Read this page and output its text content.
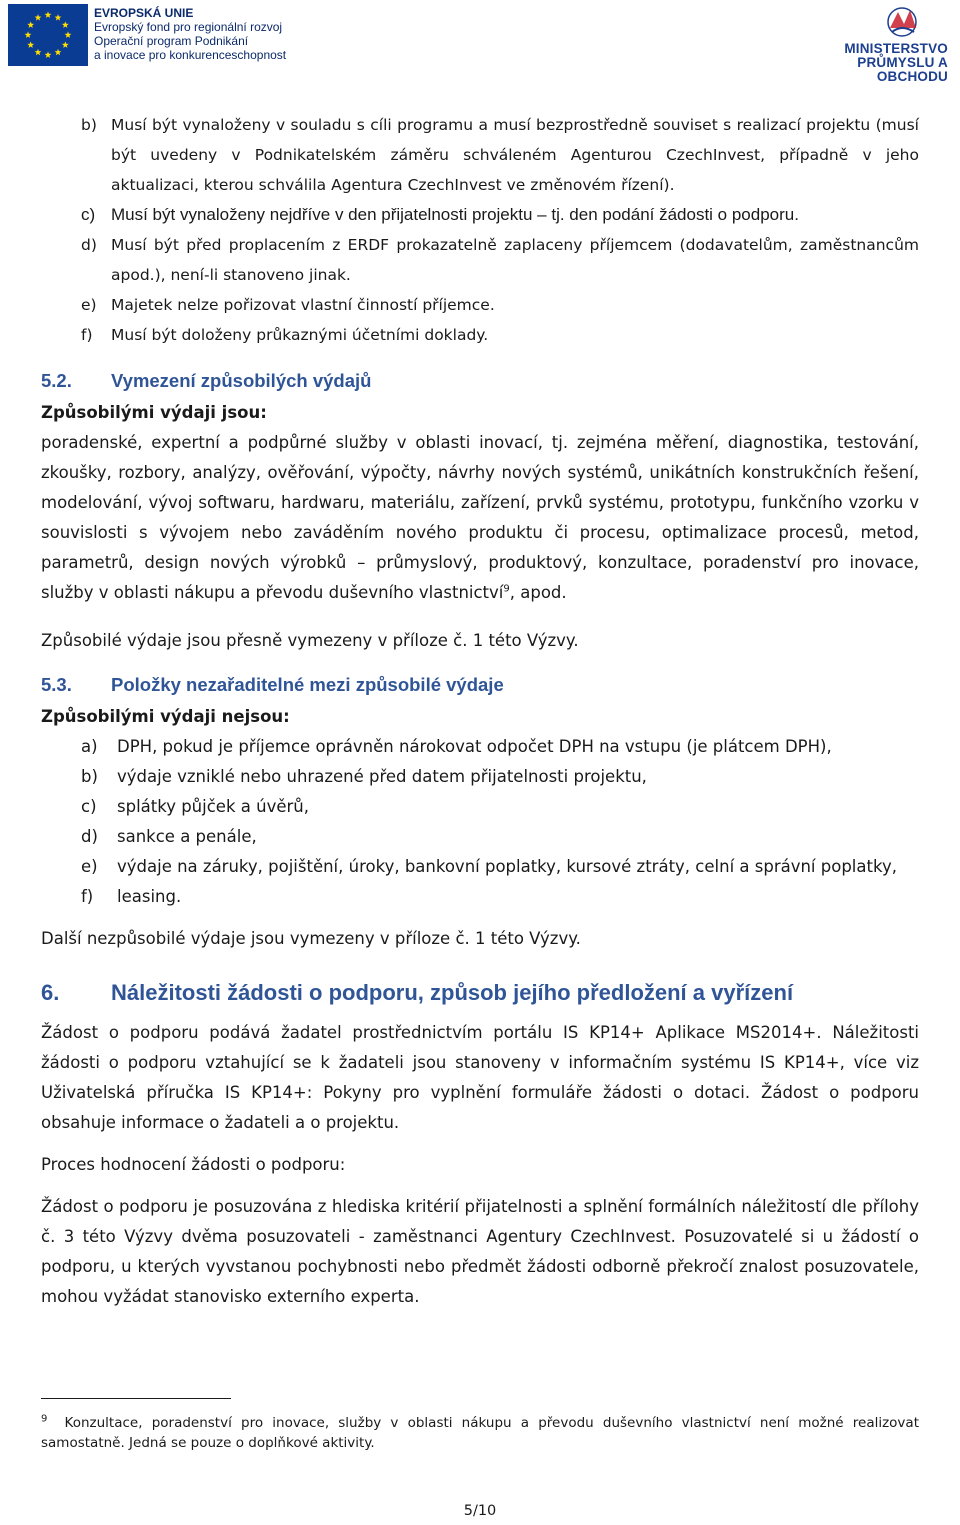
EVROPSKÁ UNIE
Evropský fond pro regionální rozvoj
Operační program Podnikání
a inovace pro konkurenceschopnost	MINISTERSTVO
PRŮMYSLU A OBCHODU
b) Musí být vynaloženy v souladu s cíli programu a musí bezprostředně souviset s realizací projektu (musí být uvedeny v Podnikatelském záměru schváleném Agenturou CzechInvest, případně v jeho aktualizaci, kterou schválila Agentura CzechInvest ve změnovém řízení).
c) Musí být vynaloženy nejdříve v den přijatelnosti projektu – tj. den podání žádosti o podporu.
d) Musí být před proplacením z ERDF prokazatelně zaplaceny příjemcem (dodavatelům, zaměstnancům apod.), není-li stanoveno jinak.
e) Majetek nelze pořizovat vlastní činností příjemce.
f)	Musí být doloženy průkaznými účetními doklady.
5.2.	Vymezení způsobilých výdajů
Způsobilými výdaji jsou:
poradenské, expertní a podpůrné služby v oblasti inovací, tj. zejména měření, diagnostika, testování, zkoušky, rozbory, analýzy, ověřování, výpočty, návrhy nových systémů, unikátních konstrukčních řešení, modelování, vývoj softwaru, hardwaru, materiálu, zařízení, prvků systému, prototypu, funkčního vzorku v souvislosti s vývojem nebo zaváděním nového produktu či procesu, optimalizace procesů, metod, parametrů, design nových výrobků – průmyslový, produktový, konzultace, poradenství pro inovace, služby v oblasti nákupu a převodu duševního vlastnictví$^9$, apod.
Způsobilé výdaje jsou přesně vymezeny v příloze č. 1 této Výzvy.
5.3.	Položky nezařaditelné mezi způsobilé výdaje
Způsobilými výdaji nejsou:
a)	DPH, pokud je příjemce oprávněn nárokovat odpočet DPH na vstupu (je plátcem DPH),
b)	výdaje vzniklé nebo uhrazené před datem přijatelnosti projektu,
c)	splátky půjček a úvěrů,
d)	sankce a penále,
e)	výdaje na záruky, pojištění, úroky, bankovní poplatky, kursové ztráty, celní a správní poplatky,
f)	leasing.
Další nezpůsobilé výdaje jsou vymezeny v příloze č. 1 této Výzvy.
6.	Náležitosti žádosti o podporu, způsob jejího předložení a vyřízení
Žádost o podporu podává žadatel prostřednictvím portálu IS KP14+ Aplikace MS2014+. Náležitosti žádosti o podporu vztahující se k žadateli jsou stanoveny v informačním systému IS KP14+, více viz Uživatelská příručka IS KP14+: Pokyny pro vyplnění formuláře žádosti o dotaci. Žádost o podporu obsahuje informace o žadateli a o projektu.
Proces hodnocení žádosti o podporu:
Žádost o podporu je posuzována z hlediska kritérií přijatelnosti a splnění formálních náležitostí dle přílohy č. 3 této Výzvy dvěma posuzovateli - zaměstnanci Agentury CzechInvest. Posuzovatelé si u žádostí o podporu, u kterých vyvstanou pochybnosti nebo předmět žádosti odborně překročí znalost posuzovatele, mohou vyžádat stanovisko externího experta.
$^9$ Konzultace, poradenství pro inovace, služby v oblasti nákupu a převodu duševního vlastnictví není možné realizovat samostatně. Jedná se pouze o doplňkové aktivity.
5/10
